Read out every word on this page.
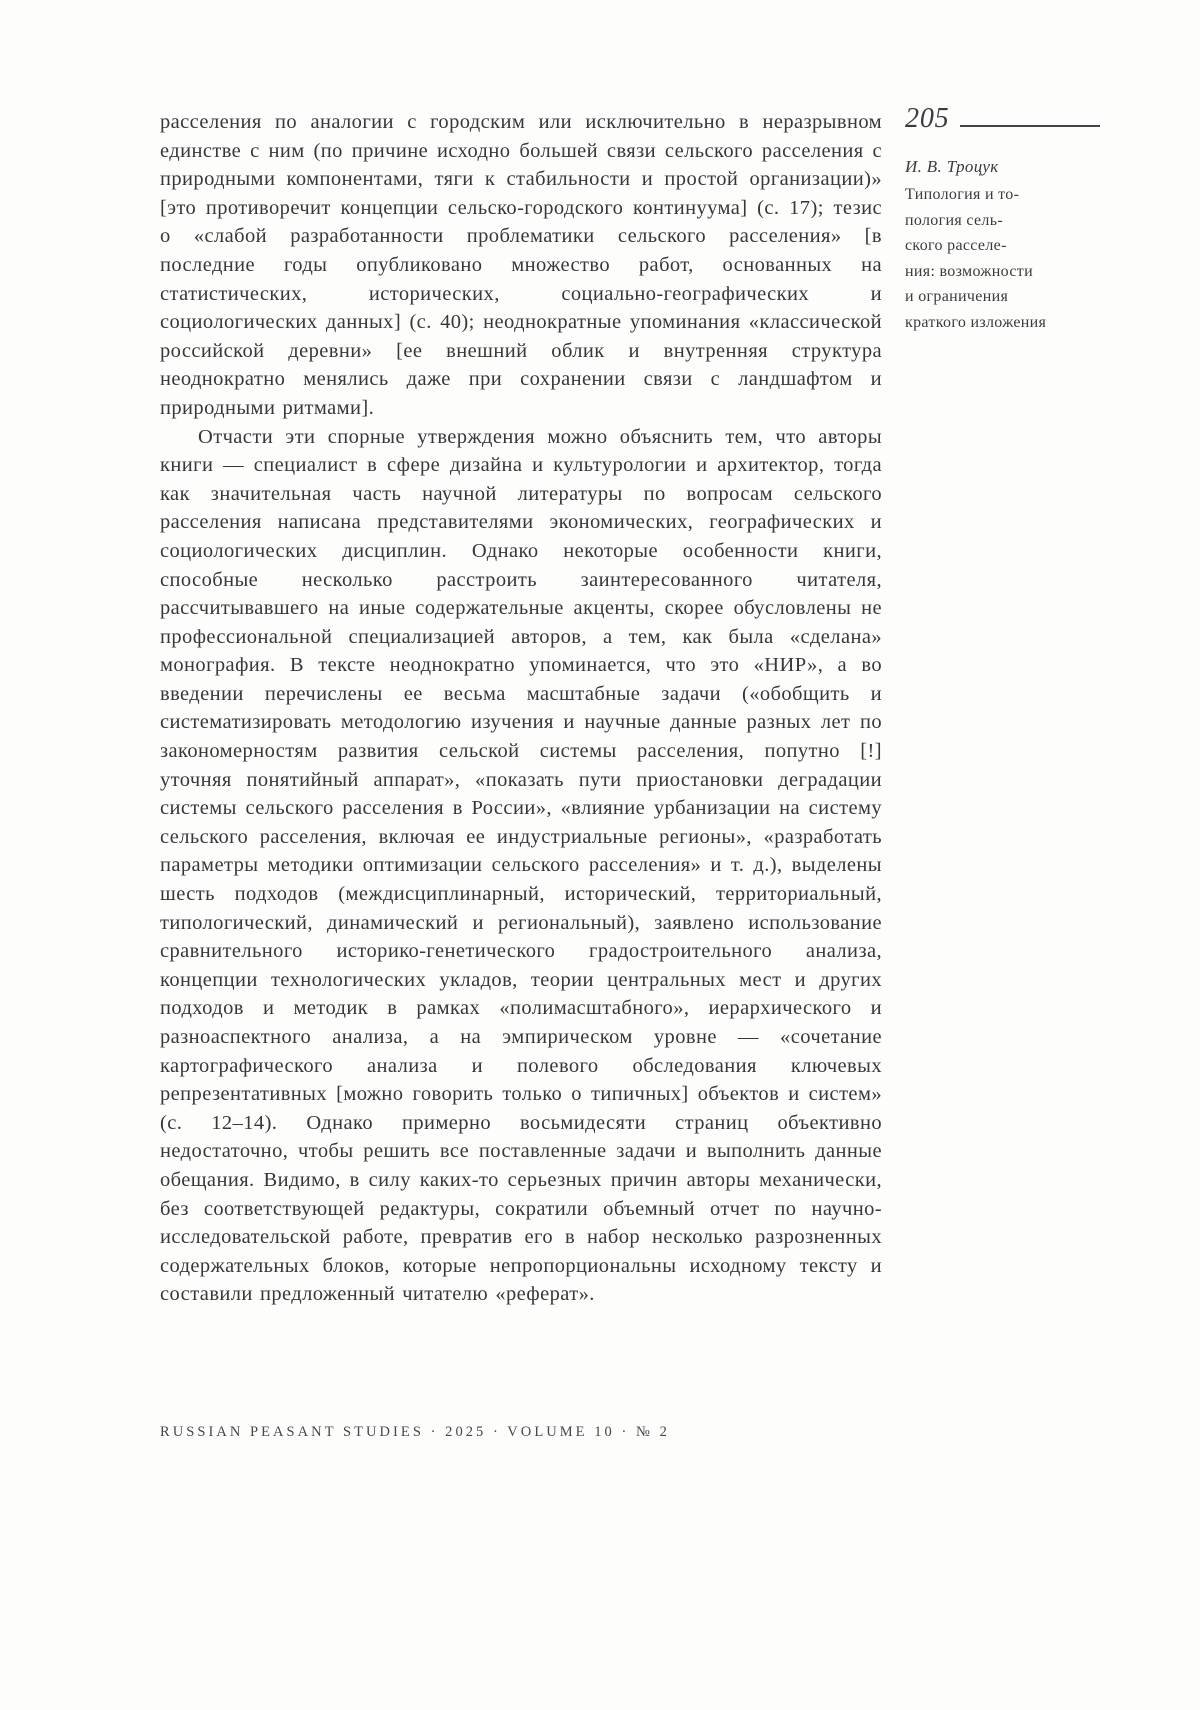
расселения по аналогии с городским или исключительно в неразрывном единстве с ним (по причине исходно большей связи сельского расселения с природными компонентами, тяги к стабильности и простой организации)» [это противоречит концепции сельско-городского континуума] (с. 17); тезис о «слабой разработанности проблематики сельского расселения» [в последние годы опубликовано множество работ, основанных на статистических, исторических, социально-географических и социологических данных] (с. 40); неоднократные упоминания «классической российской деревни» [ее внешний облик и внутренняя структура неоднократно менялись даже при сохранении связи с ландшафтом и природными ритмами].

Отчасти эти спорные утверждения можно объяснить тем, что авторы книги — специалист в сфере дизайна и культурологии и архитектор, тогда как значительная часть научной литературы по вопросам сельского расселения написана представителями экономических, географических и социологических дисциплин. Однако некоторые особенности книги, способные несколько расстроить заинтересованного читателя, рассчитывавшего на иные содержательные акценты, скорее обусловлены не профессиональной специализацией авторов, а тем, как была «сделана» монография. В тексте неоднократно упоминается, что это «НИР», а во введении перечислены ее весьма масштабные задачи («обобщить и систематизировать методологию изучения и научные данные разных лет по закономерностям развития сельской системы расселения, попутно [!] уточняя понятийный аппарат», «показать пути приостановки деградации системы сельского расселения в России», «влияние урбанизации на систему сельского расселения, включая ее индустриальные регионы», «разработать параметры методики оптимизации сельского расселения» и т. д.), выделены шесть подходов (междисциплинарный, исторический, территориальный, типологический, динамический и региональный), заявлено использование сравнительного историко-генетического градостроительного анализа, концепции технологических укладов, теории центральных мест и других подходов и методик в рамках «полимасштабного», иерархического и разноаспектного анализа, а на эмпирическом уровне — «сочетание картографического анализа и полевого обследования ключевых репрезентативных [можно говорить только о типичных] объектов и систем» (с. 12–14). Однако примерно восьмидесяти страниц объективно недостаточно, чтобы решить все поставленные задачи и выполнить данные обещания. Видимо, в силу каких-то серьезных причин авторы механически, без соответствующей редактуры, сократили объемный отчет по научно-исследовательской работе, превратив его в набор несколько разрозненных содержательных блоков, которые непропорциональны исходному тексту и составили предложенный читателю «реферат».

205
И. В. Троцук
Типология и то-
пология сель-
ского расселе-
ния: возможности
и ограничения
краткого изложения
RUSSIAN PEASANT STUDIES · 2025 · VOLUME 10 · № 2
